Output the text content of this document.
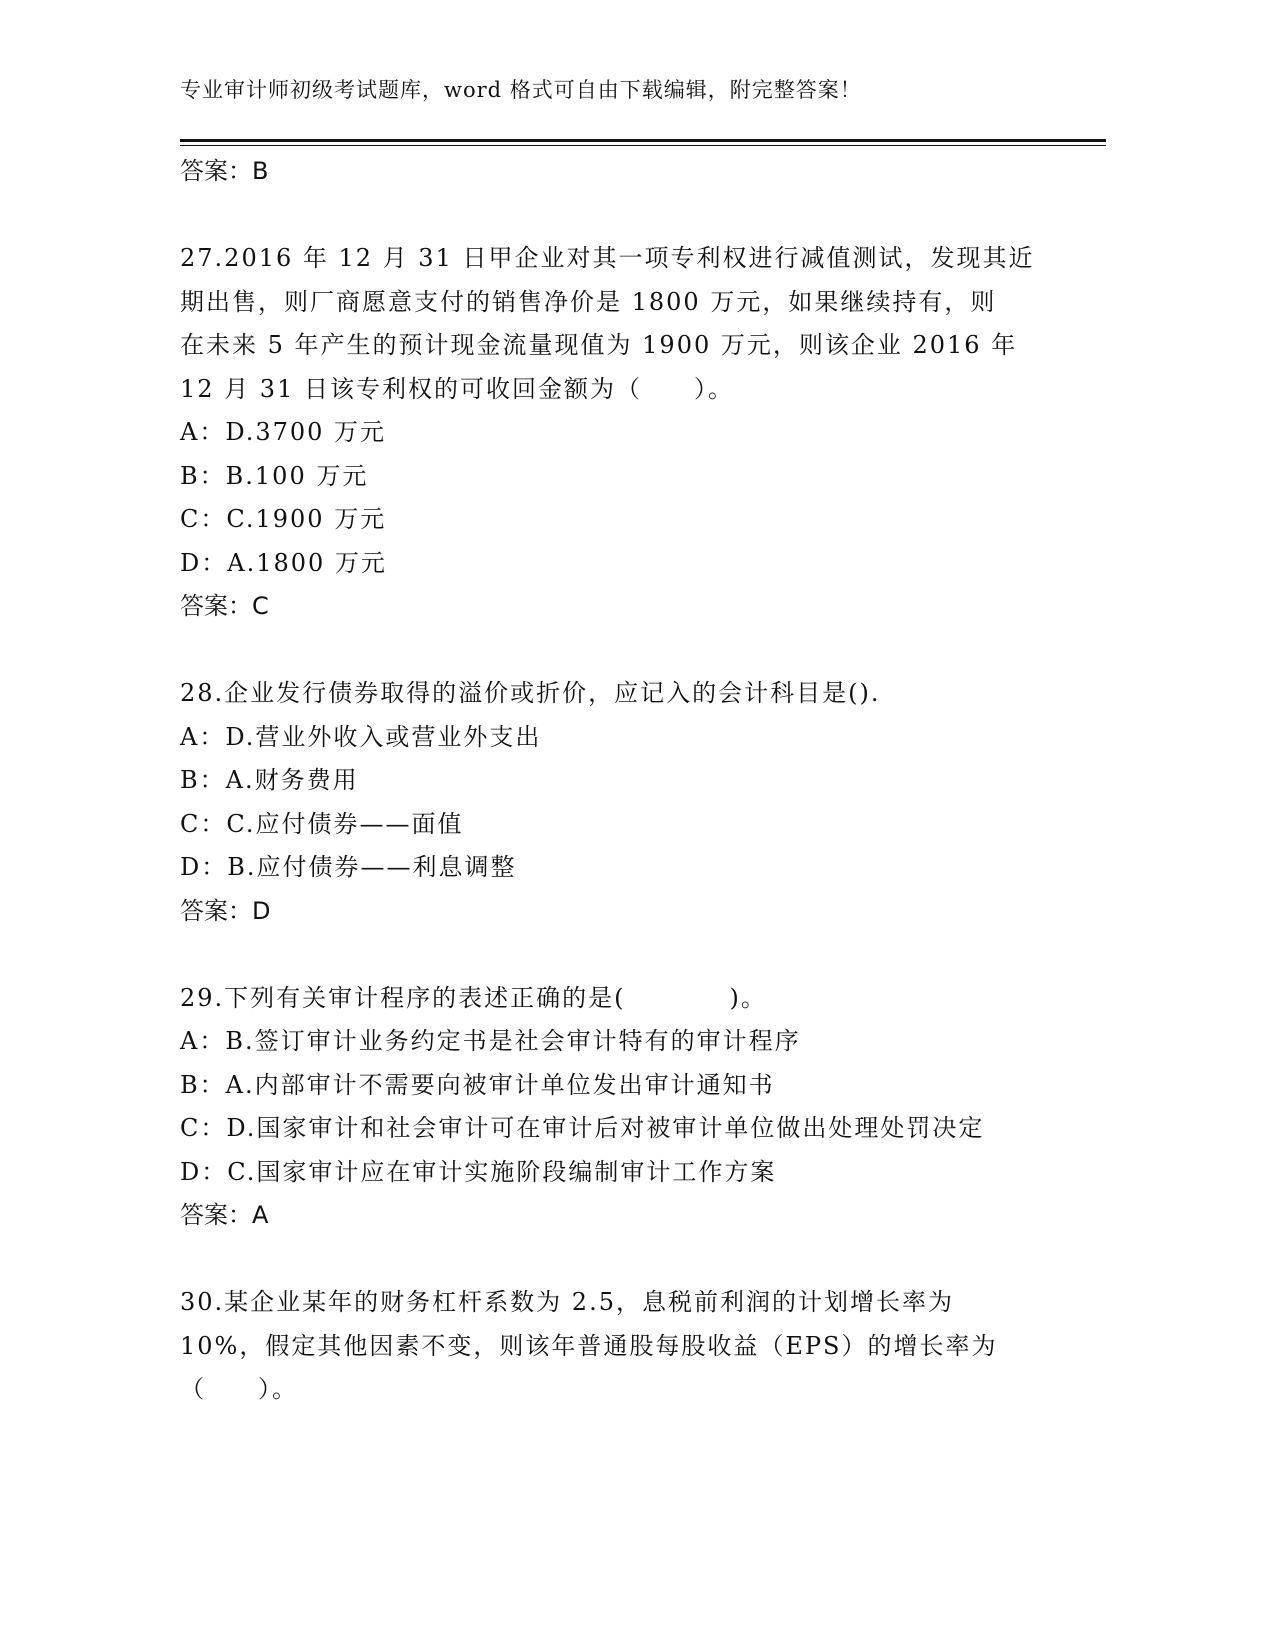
专业审计师初级考试题库，word 格式可自由下载编辑，附完整答案！
答案：B
27.2016 年 12 月 31 日甲企业对其一项专利权进行减值测试，发现其近
期出售，则厂商愿意支付的销售净价是 1800 万元，如果继续持有，则
在未来 5 年产生的预计现金流量现值为 1900 万元，则该企业 2016 年
12 月 31 日该专利权的可收回金额为（　　）。
A：D.3700 万元
B：B.100 万元
C：C.1900 万元
D：A.1800 万元
答案：C
28.企业发行债券取得的溢价或折价，应记入的会计科目是().
A：D.营业外收入或营业外支出
B：A.财务费用
C：C.应付债券——面值
D：B.应付债券——利息调整
答案：D
29.下列有关审计程序的表述正确的是(　　　　)。
A：B.签订审计业务约定书是社会审计特有的审计程序
B：A.内部审计不需要向被审计单位发出审计通知书
C：D.国家审计和社会审计可在审计后对被审计单位做出处理处罚决定
D：C.国家审计应在审计实施阶段编制审计工作方案
答案：A
30.某企业某年的财务杠杆系数为 2.5，息税前利润的计划增长率为
10%，假定其他因素不变，则该年普通股每股收益（EPS）的增长率为
（　　）。
